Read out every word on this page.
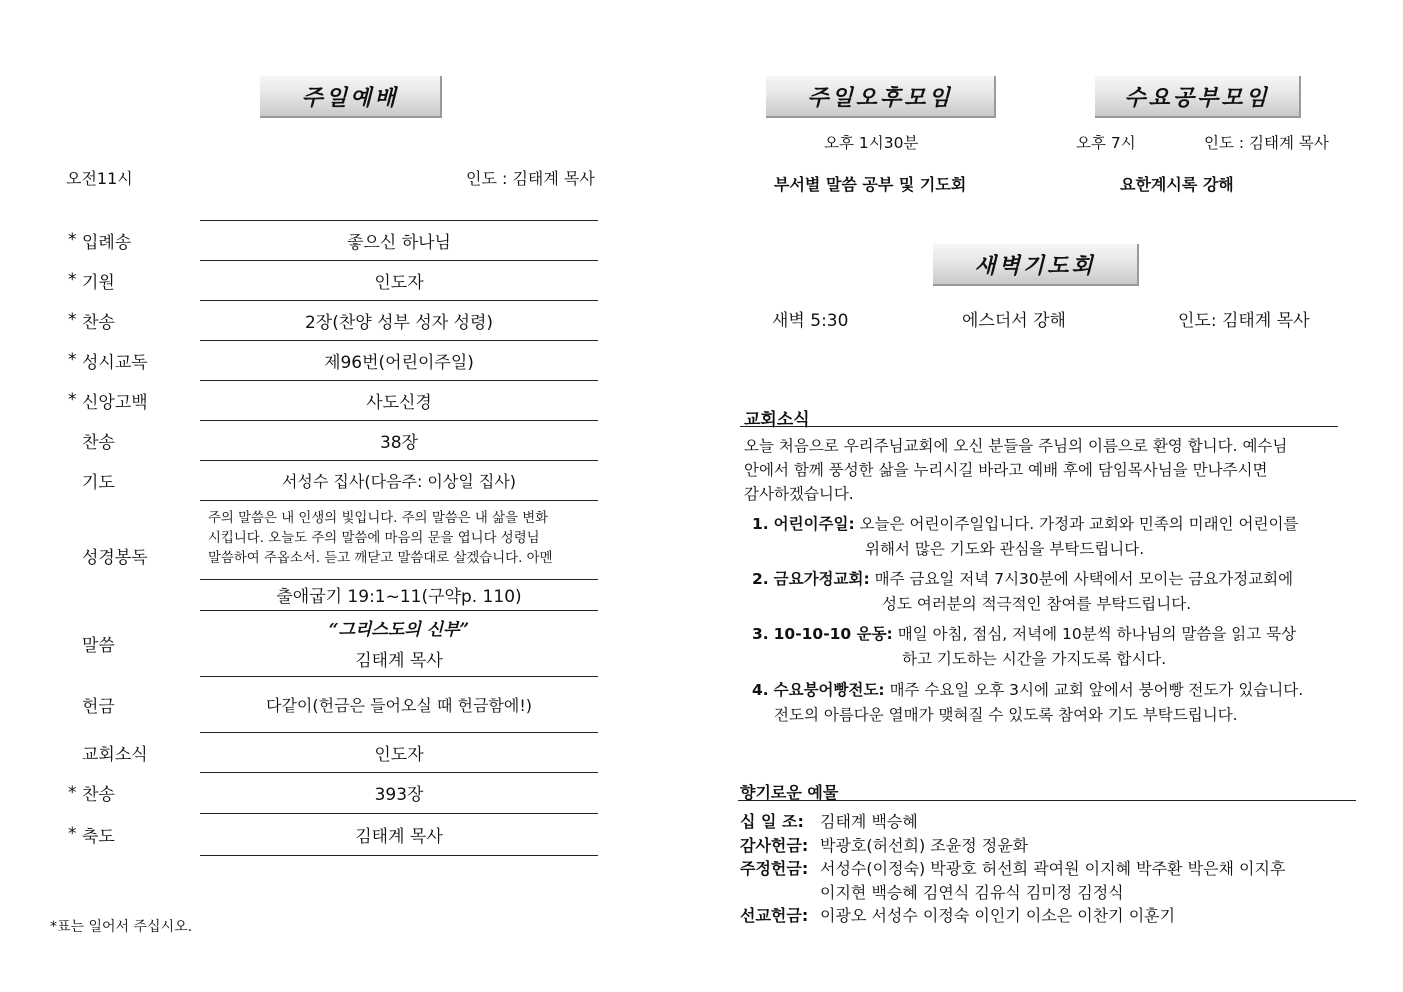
주일예배
오전11시	인도 : 김태계 목사
* 입례송	좋으신 하나님
* 기원	인도자
* 찬송	2장(찬양 성부 성자 성령)
* 성시교독	제96번(어린이주일)
* 신앙고백	사도신경
찬송	38장
기도	서성수 집사(다음주: 이상일 집사)
성경봉독
주의 말씀은 내 인생의 빛입니다. 주의 말씀은 내 삶을 변화
시킵니다. 오늘도 주의 말씀에 마음의 문을 엽니다 성령님
말씀하여 주옵소서. 듣고 깨닫고 말씀대로 살겠습니다. 아멘
출애굽기 19:1~11(구약p. 110)
말씀
“그리스도의 신부”
김태계 목사
헌금	다같이(헌금은 들어오실 때 헌금함에!)
교회소식	인도자
* 찬송	393장
* 축도	김태계 목사
*표는 일어서 주십시오.
주일오후모임	수요공부모임
오후 1시30분	오후 7시	인도 : 김태계 목사
부서별 말씀 공부 및 기도회	요한계시록 강해
새벽기도회
새벽 5:30	에스더서 강해	인도: 김태계 목사
교회소식
오늘 처음으로 우리주님교회에 오신 분들을 주님의 이름으로 환영 합니다. 예수님
안에서 함께 풍성한 삶을 누리시길 바라고 예배 후에 담임목사님을 만나주시면
감사하겠습니다.
1. 어린이주일: 오늘은 어린이주일입니다. 가정과 교회와 민족의 미래인 어린이를
위해서 많은 기도와 관심을 부탁드립니다.
2. 금요가정교회: 매주 금요일 저녁 7시30분에 사택에서 모이는 금요가정교회에
성도 여러분의 적극적인 참여를 부탁드립니다.
3. 10-10-10 운동: 매일 아침, 점심, 저녁에 10분씩 하나님의 말씀을 읽고 묵상
하고 기도하는 시간을 가지도록 합시다.
4. 수요붕어빵전도: 매주 수요일 오후 3시에 교회 앞에서 붕어빵 전도가 있습니다.
전도의 아름다운 열매가 맺혀질 수 있도록 참여와 기도 부탁드립니다.
향기로운 예물
십 일 조: 김태계 백승혜
감사헌금: 박광호(허선희) 조윤정 정윤화
주정헌금: 서성수(이정숙) 박광호 허선희 곽여원 이지혜 박주환 박은채 이지후
이지현 백승혜 김연식 김유식 김미정 김정식
선교헌금: 이광오 서성수 이정숙 이인기 이소은 이찬기 이훈기
